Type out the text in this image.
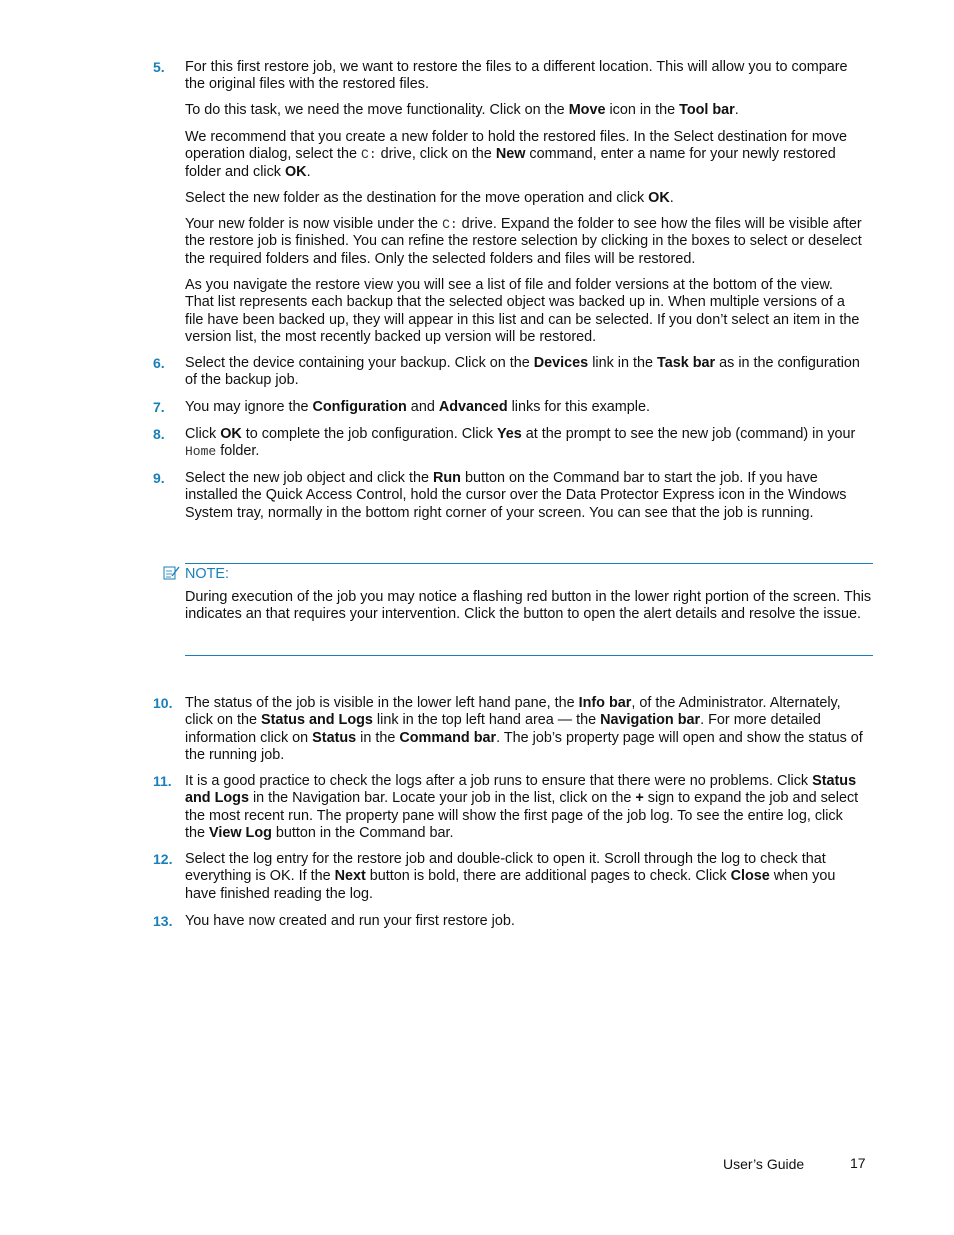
5.	For this first restore job, we want to restore the files to a different location. This will allow you to compare the original files with the restored files.

To do this task, we need the move functionality. Click on the Move icon in the Tool bar.

We recommend that you create a new folder to hold the restored files. In the Select destination for move operation dialog, select the C: drive, click on the New command, enter a name for your newly restored folder and click OK.

Select the new folder as the destination for the move operation and click OK.

Your new folder is now visible under the C: drive. Expand the folder to see how the files will be visible after the restore job is finished. You can refine the restore selection by clicking in the boxes to select or deselect the required folders and files. Only the selected folders and files will be restored.

As you navigate the restore view you will see a list of file and folder versions at the bottom of the view. That list represents each backup that the selected object was backed up in. When multiple versions of a file have been backed up, they will appear in this list and can be selected. If you don’t select an item in the version list, the most recently backed up version will be restored.

6.	Select the device containing your backup. Click on the Devices link in the Task bar as in the configuration of the backup job.

7.	You may ignore the Configuration and Advanced links for this example.

8.	Click OK to complete the job configuration. Click Yes at the prompt to see the new job (command) in your Home folder.

9.	Select the new job object and click the Run button on the Command bar to start the job. If you have installed the Quick Access Control, hold the cursor over the Data Protector Express icon in the Windows System tray, normally in the bottom right corner of your screen. You can see that the job is running.

NOTE:

During execution of the job you may notice a flashing red button in the lower right portion of the screen. This indicates an that requires your intervention. Click the button to open the alert details and resolve the issue.

10. The status of the job is visible in the lower left hand pane, the Info bar, of the Administrator. Alternately, click on the Status and Logs link in the top left hand area — the Navigation bar. For more detailed information click on Status in the Command bar. The job’s property page will open and show the status of the running job.

11. It is a good practice to check the logs after a job runs to ensure that there were no problems. Click Status and Logs in the Navigation bar. Locate your job in the list, click on the + sign to expand the job and select the most recent run. The property pane will show the first page of the job log. To see the entire log, click the View Log button in the Command bar.

12. Select the log entry for the restore job and double-click to open it. Scroll through the log to check that everything is OK. If the Next button is bold, there are additional pages to check. Click Close when you have finished reading the log.

13. You have now created and run your first restore job.

User’s Guide	17
